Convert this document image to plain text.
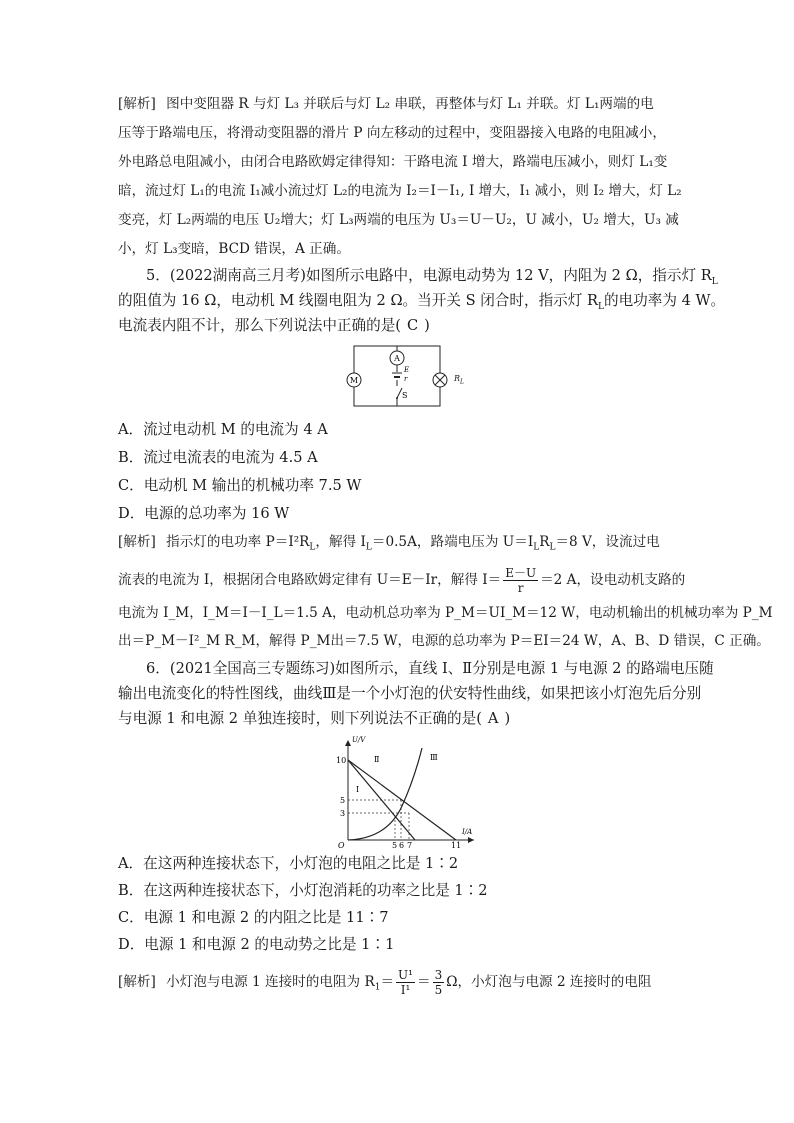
[解析] 图中变阻器 R 与灯 L₃ 并联后与灯 L₂ 串联，再整体与灯 L₁ 并联。灯 L₁两端的电
压等于路端电压，将滑动变阻器的滑片 P 向左移动的过程中，变阻器接入电路的电阻减小，
外电路总电阻减小，由闭合电路欧姆定律得知：干路电流 I 增大，路端电压减小，则灯 L₁变
暗，流过灯 L₁的电流 I₁减小流过灯 L₂的电流为 I₂＝I－I₁, I 增大，I₁ 减小，则 I₂ 增大，灯 L₂
变亮，灯 L₂两端的电压 U₂增大；灯 L₃两端的电压为 U₃＝U－U₂，U 减小，U₂ 增大，U₃ 减
小，灯 L₃变暗，BCD 错误，A 正确。
5．(2022湖南高三月考)如图所示电路中，电源电动势为 12 V，内阻为 2 Ω，指示灯 $R_L$
的阻值为 16 Ω，电动机 M 线圈电阻为 2 Ω。当开关 S 闭合时，指示灯 $R_L$的电功率为 4 W。
电流表内阻不计，那么下列说法中正确的是( C )
M
A
E
r
S
$R_L$
A．流过电动机 M 的电流为 4 A
B．流过电流表的电流为 4.5 A
C．电动机 M 输出的机械功率 7.5 W
D．电源的总功率为 16 W
[解析] 指示灯的电功率 $P=I^2R_L$，解得 $I_L=0.5A$，路端电压为 $U=I_LR_L=8$ V，设流过电
流表的电流为 I，根据闭合电路欧姆定律有 U＝E－Ir，解得 $I= \frac{E-U}{r} =2$ A，设电动机支路的
电流为 I_M，I_M＝I－I_L＝1.5 A，电动机总功率为 P_M＝UI_M＝12 W，电动机输出的机械功率为 P_M
出＝P_M－I²_M R_M，解得 P_M出＝7.5 W，电源的总功率为 P＝EI＝24 W，A、B、D 错误，C 正确。
6．(2021全国高三专题练习)如图所示，直线 Ⅰ、Ⅱ分别是电源 1 与电源 2 的路端电压随
输出电流变化的特性图线，曲线Ⅲ是一个小灯泡的伏安特性曲线，如果把该小灯泡先后分别
与电源 1 和电源 2 单独连接时，则下列说法不正确的是( A )
U/V
I/A
O
10
5
3
5 6 7	11
Ⅰ
Ⅱ	Ⅲ
A．在这两种连接状态下，小灯泡的电阻之比是 1∶2
B．在这两种连接状态下，小灯泡消耗的功率之比是 1∶2
C．电源 1 和电源 2 的内阻之比是 11∶7
D．电源 1 和电源 2 的电动势之比是 1∶1
[解析] 小灯泡与电源 1 连接时的电阻为 $R_1= \frac{\text{U¹}}{\text{I¹}} = \frac{3}{5}$ Ω，小灯泡与电源 2 连接时的电阻
